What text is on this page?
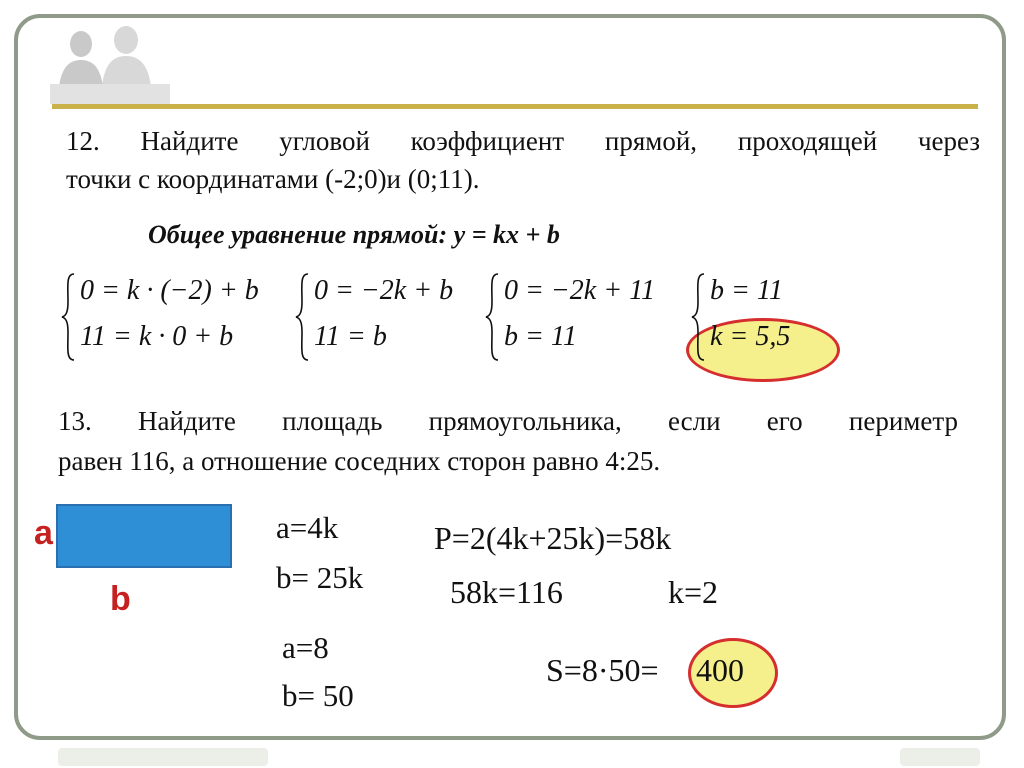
12. Найдите угловой коэффициент прямой, проходящей через
точки с координатами (-2;0)и (0;11).
Общее уравнение прямой: y = kx + b
0 = k · (−2) + b
11 = k · 0 + b
0 = −2k + b
11 = b
0 = −2k + 11
b = 11
b = 11
k = 5,5
13. Найдите площадь прямоугольника, если его периметр
равен 116, а отношение соседних сторон равно 4:25.
a
b
a=4k
b= 25k
P=2(4k+25k)=58k
58k=116	k=2
a=8
b= 50
S=8·50= 400
